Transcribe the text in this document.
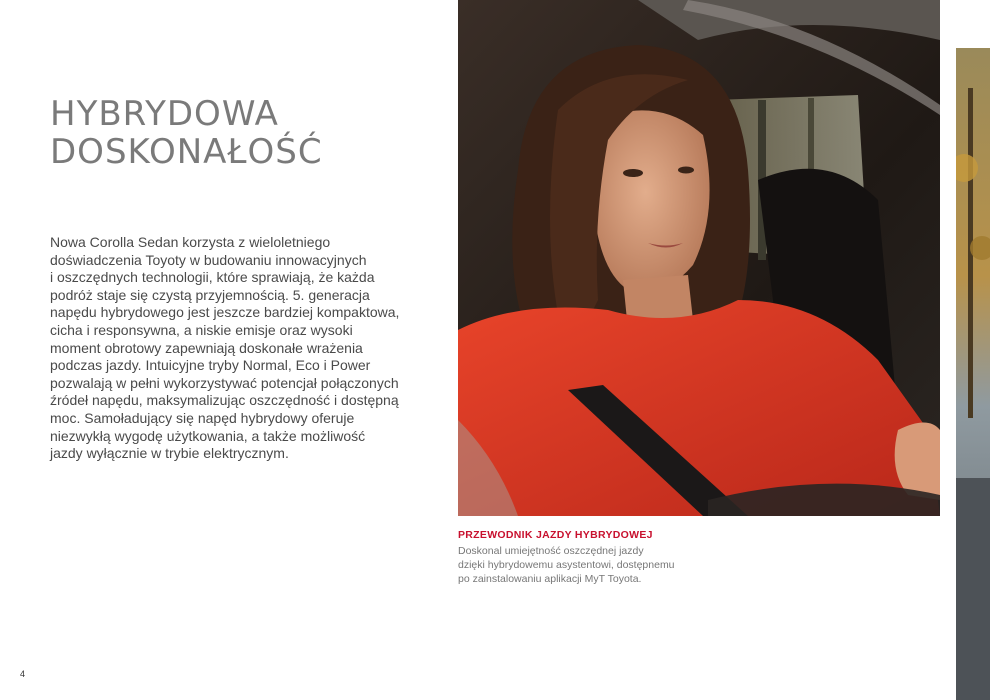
HYBRYDOWA
DOSKONAŁOŚĆ

Nowa Corolla Sedan korzysta z wieloletniego
doświadczenia Toyoty w budowaniu innowacyjnych
i oszczędnych technologii, które sprawiają, że każda
podróż staje się czystą przyjemnością. 5. generacja
napędu hybrydowego jest jeszcze bardziej kompaktowa,
cicha i responsywna, a niskie emisje oraz wysoki
moment obrotowy zapewniają doskonałe wrażenia
podczas jazdy. Intuicyjne tryby Normal, Eco i Power
pozwalają w pełni wykorzystywać potencjał połączonych
źródeł napędu, maksymalizując oszczędność i dostępną
moc. Samoładujący się napęd hybrydowy oferuje
niezwykłą wygodę użytkowania, a także możliwość
jazdy wyłącznie w trybie elektrycznym.

PRZEWODNIK JAZDY HYBRYDOWEJ

Doskonal umiejętność oszczędnej jazdy
dzięki hybrydowemu asystentowi, dostępnemu
po zainstalowaniu aplikacji MyT Toyota.

4
